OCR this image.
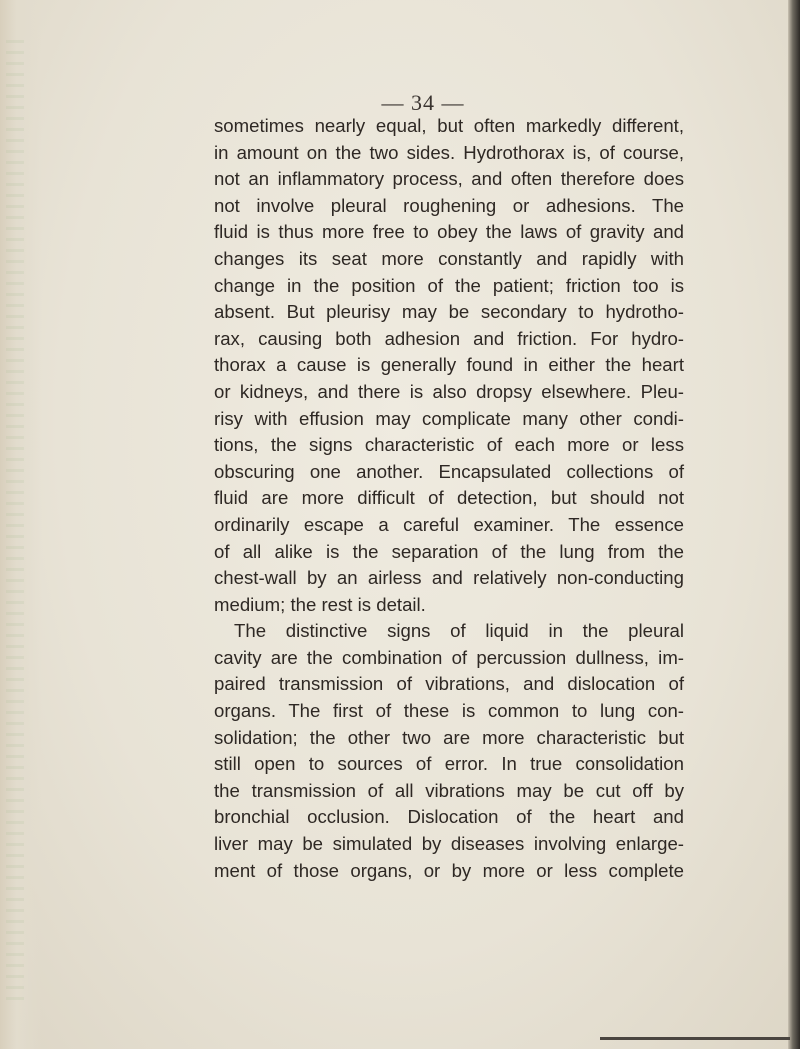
— 34 —
sometimes nearly equal, but often markedly different,
in amount on the two sides. Hydrothorax is, of course,
not an inflammatory process, and often therefore does
not involve pleural roughening or adhesions. The
fluid is thus more free to obey the laws of gravity and
changes its seat more constantly and rapidly with
change in the position of the patient; friction too is
absent. But pleurisy may be secondary to hydrotho-
rax, causing both adhesion and friction. For hydro-
thorax a cause is generally found in either the heart
or kidneys, and there is also dropsy elsewhere. Pleu-
risy with effusion may complicate many other condi-
tions, the signs characteristic of each more or less
obscuring one another. Encapsulated collections of
fluid are more difficult of detection, but should not
ordinarily escape a careful examiner. The essence
of all alike is the separation of the lung from the
chest-wall by an airless and relatively non-conducting
medium; the rest is detail.
The distinctive signs of liquid in the pleural
cavity are the combination of percussion dullness, im-
paired transmission of vibrations, and dislocation of
organs. The first of these is common to lung con-
solidation; the other two are more characteristic but
still open to sources of error. In true consolidation
the transmission of all vibrations may be cut off by
bronchial occlusion. Dislocation of the heart and
liver may be simulated by diseases involving enlarge-
ment of those organs, or by more or less complete
